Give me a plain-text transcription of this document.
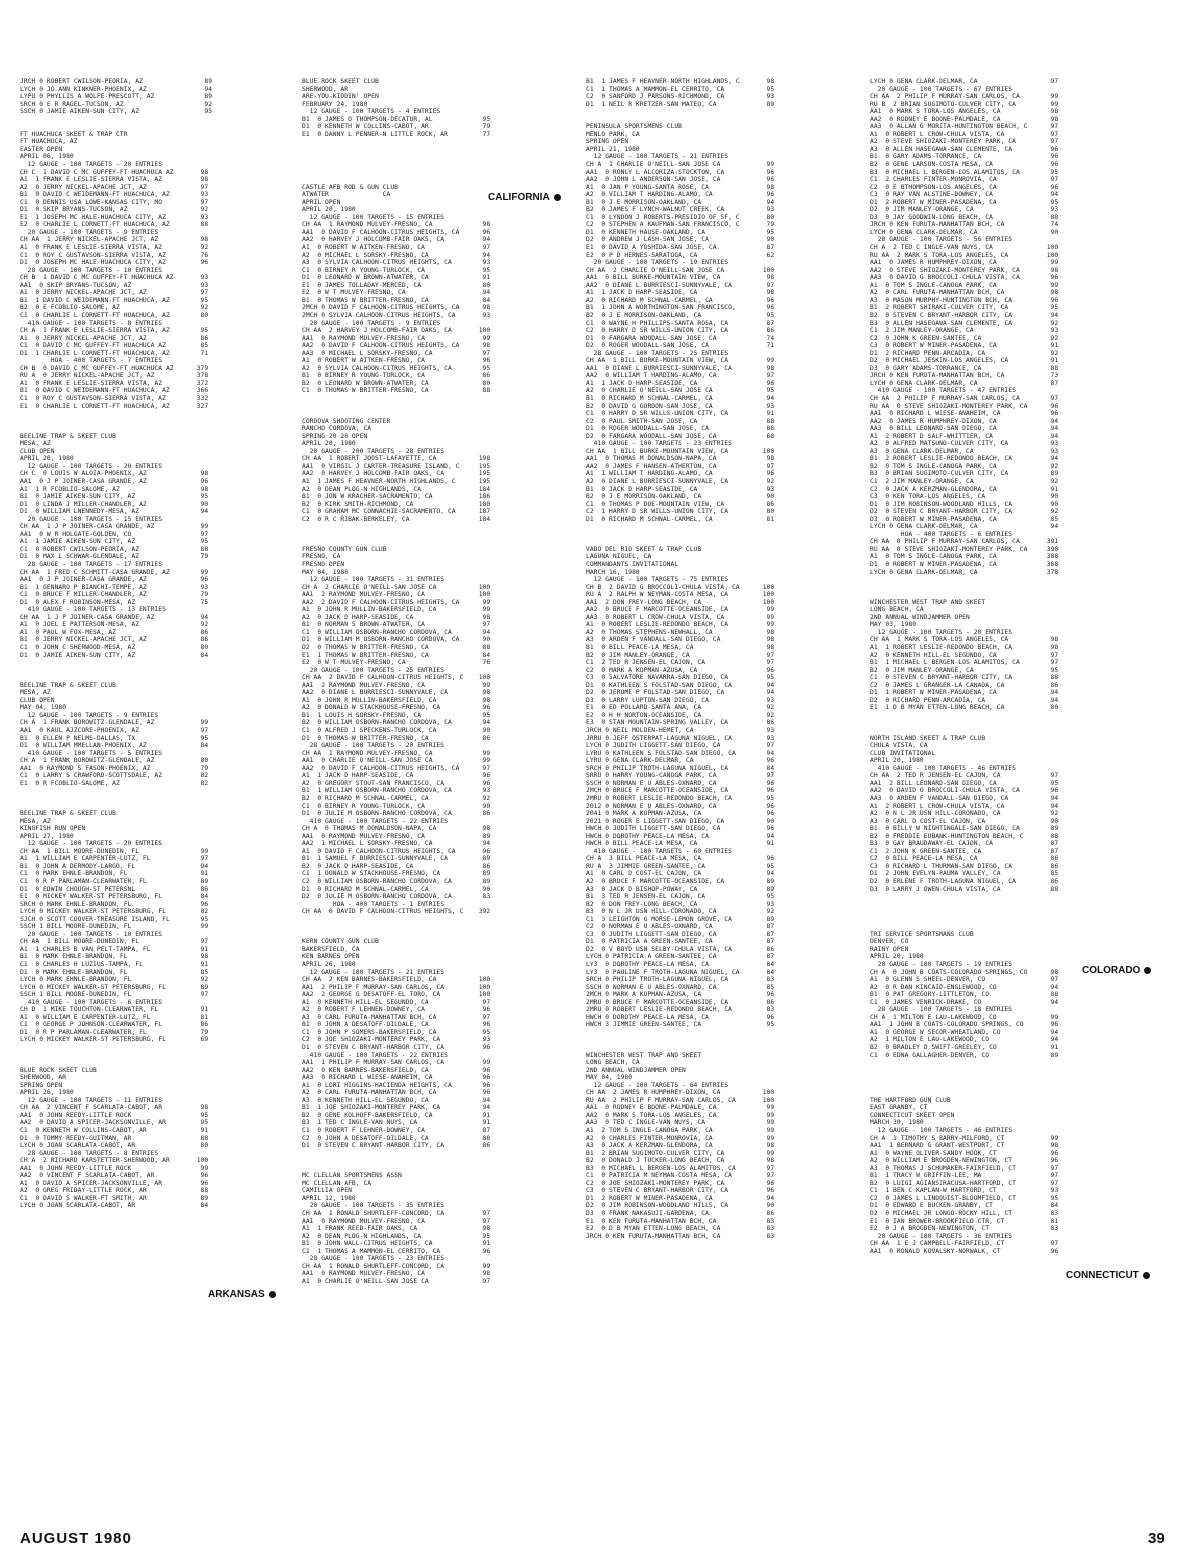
JRCH 0 ROBERT CWILSON-PEORIA, AZ                89
LYCH 0 JO ANN KINKNER-PHOENIX, AZ               94
LYPU 0 PHYLLIS A WOLFE-PRESCOTT, AZ             89
SRCH 0 E R RAGEL-TUCSON, AZ                     92
SSCH 0 JAMIE AIKEN-SUN CITY, AZ                 95

FT HUACHUCA SKEET & TRAP CTR
FT HUACHUCA, AZ
EASTER OPEN
APRIL 06, 1980
12 GAUGE - 100 TARGETS - 20 ENTRIES
CH C  1 DAVID C MC GUFFEY-FT HUACHUCA AZ       98
A1  1 FRANK E LESLIE-SIERRA VISTA, AZ          98
A2  0 JERRY NICKEL-APACHE JCT, AZ              97
B1  0 DAVID C WEIDEMANN-FT HUACHUCA, AZ        93
C1  0 DENNIS USA LOWE-KANSAS CITY, MO          97
D1  0 SKIP BRYANS-TUCSON, AZ                   92
E1  1 JOSEPH MC HALE-HUACHUCA CITY, AZ         93
E2  0 CHARLIE L CORNETT-FT HUACHUCA, AZ        88
20 GAUGE - 100 TARGETS - 9 ENTRIES
CH AA  1 JERRY NICKEL-APACHE JCT, AZ           98
A1  0 FRANK E LESLIE-SIERRA VISTA, AZ          92
C1  0 ROY C GUSTAVSON-SIERRA VISTA, AZ         76
D1  0 JOSEPH MC HALE-HUACHUCA CITY, AZ         96
28 GAUGE - 100 TARGETS - 10 ENTRIES
CH B  1 DAVID C MC GUFFEY-FT HUACHUCA AZ       93
AA1  0 SKIP BRYANS-TUCSON, AZ                  93
A1  0 JERRY NICKEL-APACHE JCT, AZ              97
B1  1 DAVID C WEIDEMANN-FT HUACHUCA, AZ        95
B2  0 E FCOBLIO-SALOME, AZ                     92
C1  0 CHARLIE L CORNETT-FT HUACHUCA, AZ        80
410 GAUGE - 100 TARGETS - 8 ENTRIES
CH A  1 FRANK E LESLIE-SIERRA VISTA, AZ        95
A1  0 JERRY NICKEL-APACHE JCT, AZ              86
C1  0 DAVID C MC GUFFEY-FT HUACHUCA AZ         85
D1  1 CHARLIE L CORNETT-FT HUACHUCA, AZ        71
HOA - 400 TARGETS - 7 ENTRIES
CH B  0 DAVID C MC GUFFEY-FT HUACHUCA AZ      379
RU A  0 JERRY NICKEL-APACHE JCT, AZ           378
A1  0 FRANK E LESLIE-SIERRA VISTA, AZ         372
B1  0 DAVID C WEIDEMANN-FT HUACHUCA, AZ       366
C1  0 ROY C GUSTAVSON-SIERRA VISTA, AZ        332
E1  0 CHARLIE L CORNETT-FT HUACHUCA, AZ       327

BEELINE TRAP & SKEET CLUB
MESA, AZ
CLUB OPEN
APRIL 20, 1980
12 GAUGE - 100 TARGETS - 20 ENTRIES
CH C  0 LOUIS W ALOIA-PHOENIX, AZ              98
AA1  0 J P JOINER-CASA GRANDE, AZ              96
A1  1 R FCOBLIO-SALOME, AZ                     98
B1  0 JAMIE AIKEN-SUN CITY, AZ                 95
D1  0 LINDA J MILLER-CHANDLER, AZ              90
D1  0 WILLIAM LNENNEDY-MESA, AZ                94
20 GAUGE - 100 TARGETS - 15 ENTRIES
CH AA  1 J P JOINER-CASA GRANDE, AZ            99
AA1  0 W R HOLGATE-GOLDEN, CO                  97
A1  1 JAMIE AIKEN-SUN CITY, AZ                 95
C1  0 ROBERT CWILSON-PEORIA, AZ                88
D1  0 MAX L SCHWAR-GLENDALE, AZ                79
28 GAUGE - 100 TARGETS - 17 ENTRIES
CH AA  1 FRED C SCHMITT-CASA GRANDE, AZ        99
AA1  0 J P JOINER-CASA GRANDE, AZ              96
B1  1 GENNARO P BIANCHI-TEMPE, AZ              93
C1  0 BRUCE F MILLER-CHANDLER, AZ              79
D1  0 ALEX F ROBINSON-MESA, AZ                 75
410 GAUGE - 100 TARGETS - 13 ENTRIES
CH AA  1 J P JOINER-CASA GRANDE, AZ            94
A1  0 JOEL E PATTERSON-MESA, AZ                92
A1  0 PAUL W FOX-MESA, AZ                      86
B1  0 JERRY NICKEL-APACHE JCT, AZ              86
C1  0 JOHN C SHERWOOD-MESA, AZ                 80
D1  0 JAMIE AIKEN-SUN CITY, AZ                 84

BEELINE TRAP & SKEET CLUB
MESA, AZ
CLUB OPEN
MAY 04, 1980
12 GAUGE - 100 TARGETS - 9 ENTRIES
CH A  1 FRANK BOROWITZ-GLENDALE, AZ            99
AA1  0 KAUL AJZCORE-PHOENIX, AZ                97
B1  0 ELLEN P NELMS-DALLAS, TX                 95
D1  0 WILLIAM MMELLAN-PHOENIX, AZ              84
410 GAUGE - 100 TARGETS - 5 ENTRIES
CH A  1 FRANK BOROWITZ-GLENDALE, AZ            80
AA1  0 RAYMOND S FASON-PHOENIX, AZ             79
C1  0 LARRY S CRAWFORD-SCOTTSDALE, AZ          82
E1  0 R FCOBLIO-SALOME, AZ                     82

BEELINE TRAP & SKEET CLUB
MESA, AZ
KINGFISH RUN OPEN
APRIL 27, 1980
12 GAUGE - 100 TARGETS - 20 ENTRIES
CH AA  1 BILL MOORE-DUNEDIN, FL                99
A1  1 WILLIAM E CARPENTER-LUTZ, FL             97
B1  0 JOHN A DERMODY-LARGO, FL                 94
C1  0 MARK EHNLE-BRANDON, FL                   91
C1  0 R P PARLAMAN-CLEARWATER, FL              89
D1  0 EDWIN CHOUGH-ST PETERSNL                 86
E1  0 MICKEY WALKER-ST PETERSBURG, FL          84
SRCH 0 MARK EHNLE-BRANDON, FL                  96
LYCH 0 MICKEY WALKER-ST PETERSBURG, FL         82
SJCH 0 SCOTT COOVER-TREASURE ISLAND, FL        95
SSCH 1 BILL MOORE-DUNEDIN, FL                  99
20 GAUGE - 100 TARGETS - 10 ENTRIES
CH AA  1 BILL MOORE-DUNEDIN, FL                97
A1  1 CHARLES B VAN PELT-TAMPA, FL             91
B1  0 MARK EHNLE-BRANDON, FL                   98
C1  0 CHARLES H LUZIUS-TAMPA, FL               91
D1  0 MARK EHNLE-BRANDON, FL                   85
LYCH 0 MARK EHNLE-BRANDON, FL                  92
LYCH 0 MICKEY WALKER-ST PETERSBURG, FL         89
SSCH 1 BILL MOORE-DUNEDIN, FL                  97
410 GAUGE - 100 TARGETS - 6 ENTRIES
CH D  1 MIKE TOUCHTON-CLEARWATER, FL           91
A1  0 WILLIAM E CARPENTER-LUTZ, FL             81
C1  0 GEORGE P JOHNSON-CLEARWATER, FL          86
D1  0 R P PARLAMAN-CLEARWATER, FL              79
LYCH 0 MICKEY WALKER-ST PETERSBURG, FL         69

BLUE ROCK SKEET CLUB
SHERWOOD, AR
SPRING OPEN
APRIL 26, 1980
12 GAUGE - 100 TARGETS - 11 ENTRIES
CH AA  2 VINCENT F SCARLATA-CABOT, AR          98
AA1  0 JOHN REEDY-LITTLE ROCK                  95
AA2  0 DAVID A SPICER-JACKSONVILLE, AR         95
C1  0 KENNETH W COLLINS-CABOT, AR              91
D1  0 TOMMY REEDY-GUITMAN, AR                  88
LYCH 0 JOAN SCARLATA-CABOT, AR                 80
28 GAUGE - 100 TARGETS - 8 ENTRIES
CH A  2 RICHARD KARSTETTER-SHERWOOD, AR       100
AA1  0 JOHN REEDY-LITTLE ROCK                  99
AA2  0 VINCENT F SCARLATA-CABOT, AR            96
A1  0 DAVID A SPICER-JACKSONVILLE, AR          96
A2  0 GREG FRIDAY-LITTLE ROCK, AR              88
C1  0 DAVID S WALKER-FT SMITH, AR              89
LYCH 0 JOAN SCARLATA-CABOT, AR                 84
BLUE ROCK SKEET CLUB
SHERWOOD, AR
ARE-YOU-KIDDIN' OPEN
FEBRUARY 24, 1980
12 GAUGE - 100 TARGETS - 4 ENTRIES
B1  0 JAMES O THOMPSON-DECATUR, AL             95
D1  0 KENNETH W COLLINS-CABOT, AR              79
E1  0 DANNY L PENNER-N LITTLE ROCK, AR         77

CASTLE AFB ROD & GUN CLUB
ATWATER              CA
APRIL OPEN
APRIL 20, 1980
12 GAUGE - 100 TARGETS - 15 ENTRIES
CH AA  1 RAYMOND MULVEY-FRESNO, CA             98
AA1  0 DAVID F CALHOON-CITRUS HEIGHTS, CA      96
AA2  0 HARVEY J HOLCOMB-FAIR OAKS, CA          94
A1  0 ROBERT W AITKEN-FRESNO, CA               97
A2  0 MICHAEL L SORSKY-FRESNO, CA              94
A3  0 SYLVIA CALHOON-CITRUS HEIGHTS, CA        93
C1  0 BIRNEY R YOUNG-TURLOCK, CA               95
D1  0 LEONARD W BROWN-ATWATER, CA              91
E1  0 JAMES TOLLADAY-MERCED, CA                80
E2  0 W T MULVEY-FRESNO, CA                    94
B1  0 THOMAS W BRITTER-FRESNO, CA              84
2MCH 0 DAVID F CALHOON-CITRUS HEIGHTS, CA      98
2MCH 0 SYLVIA CALHOON-CITRUS HEIGHTS, CA       93
20 GAUGE - 100 TARGETS - 9 ENTRIES
CH AA  2 HARVEY J HOLCOMB-FAIR OAKS, CA       100
AA1  0 RAYMOND MULVEY-FRESNO, CA               99
AA2  0 DAVID F CALHOON-CITRUS HEIGHTS, CA      98
AA3  0 MICHAEL L SORSKY-FRESNO, CA             97
A1  0 ROBERT W AITKEN-FRESNO, CA               96
A2  0 SYLVIA CALHOON-CITRUS HEIGHTS, CA        95
B1  0 BIRNEY R YOUNG-TURLOCK, CA               86
B2  0 LEONARD W BROWN-ATWATER, CA              80
C1  0 THOMAS W BRITTER-FRESNO, CA              88

CORDOVA SHOOTING CENTER
RANCHO CORDOVA, CA
SPRING 20 20 OPEN
APRIL 20, 1980
20 GAUGE - 200 TARGETS - 28 ENTRIES
CH AA  1 ROBERT JOOST-LAFAYETTE, CA           198
AA1  0 VIRGIL J CARTER-TREASURE ISLAND, C     195
AA2  0 HARVEY J HOLCOMB-FAIR OAKS, CA         195
A1  1 JAMES F HEAVNER-NORTH HIGHLANDS, C      195
A2  0 DEAN PLOG-N HIGHLANDS, CA               184
B1  0 JON W KRACHER-SACRAMENTO, CA            186
B2  0 KIRK SMITH-RICHMOND, CA                 180
C1  0 GRAHAM MC CONNACHIE-SACRAMENTO, CA      187
C2  0 R C RIBAK-BERKELEY, CA                  184

FRESNO COUNTY GUN CLUB
FRESNO, CA
FRESNO OPEN
MAY 04, 1980
12 GAUGE - 100 TARGETS - 31 ENTRIES
CH A  2 CHARLIE O'NEILL-SAN JOSE CA           100
AA1  2 RAYMOND MULVEY-FRESNO, CA              100
AA2  2 DAVID F CALHOON-CITRUS HEIGHTS, CA      99
A1  0 JOHN R MULLIN-BAKERSFIELD, CA            99
A2  0 JACK D HARP-SEASIDE, CA                  98
B1  0 NORMAN S BROWN-ATWATER, CA               97
C1  0 WILLIAM OSBORN-RANCHO CORDOVA, CA        94
D1  0 WILLIAM M OSBORN-RANCHO CORDOVA, CA      90
D2  0 THOMAS W BRITTER-FRESNO, CA              88
E1  1 THOMAS W BRITTER-FRESNO, CA              84
E2  0 W T MULVEY-FRESNO, CA                    76
20 GAUGE - 100 TARGETS - 25 ENTRIES
CH AA  2 DAVID F CALHOON-CITRUS HEIGHTS, C    100
AA1  2 RAYMOND MULVEY-FRESNO, CA               99
AA2  0 DIANE L BURRIESCI-SUNNYVALE, CA         98
A1  0 JOHN R MULLIN-BAKERSFIELD, CA            98
A2  0 DONALD W STACKHOUSE-FRESNO, CA           96
B1  1 LOUIS H SORSKY-FRESNO, CA                95
B2  0 WILLIAM OSBORN-RANCHO CORDOVA, CA        94
C1  0 ALFRED J SPECKENS-TURLOCK, CA            90
D1  0 THOMAS W BRITTER-FRESNO, CA              86
28 GAUGE - 100 TARGETS - 20 ENTRIES
CH AA  1 RAYMOND MULVEY-FRESNO, CA             99
AA1  0 CHARLIE O'NEILL-SAN JOSE CA             99
AA2  0 DAVID F CALHOON-CITRUS HEIGHTS, CA      97
A1  1 JACK D HARP-SEASIDE, CA                  96
A2  0 GREGORY STOUT-SAN FRANCISCO, CA          96
B1  1 WILLIAM OSBORN-RANCHO CORDOVA, CA        93
B2  0 RICHARD M SCHNAL-CARMEL, CA              92
C1  0 BIRNEY R YOUNG-TURLOCK, CA               90
D1  0 JULIE M OSBORN-RANCHO CORDOVA, CA        86
410 GAUGE - 100 TARGETS - 22 ENTRIES
CH A  0 THOMAS M DONALDSON-NAPA, CA            98
AA1  0 RAYMOND MULVEY-FRESNO, CA               89
AA2  1 MICHAEL L SORSKY-FRESNO, CA             94
A1  0 DAVID F CALHOON-CITRUS HEIGHTS, CA       96
B1  1 SAMUEL F BURRIESCI-SUNNYVALE, CA         89
B2  0 JACK D HARP-SEASIDE, CA                  86
C1  1 DONALD W STACKHOUSE-FRESNO, CA           89
C2  0 WILLIAM OSBORN-RANCHO CORDOVA, CA        89
D1  0 RICHARD M SCHNAL-CARMEL, CA              90
D2  0 JULIE M OSBORN-RANCHO CORDOVA, CA        83
HOA - 400 TARGETS - 1 ENTRIES
CH AA  0 DAVID F CALHOON-CITRUS HEIGHTS, C    392

KERN COUNTY GUN CLUB
BAKERSFIELD, CA
KEN BARNES OPEN
APRIL 26, 1980
12 GAUGE - 100 TARGETS - 21 ENTRIES
CH AA  2 KEN BARNES-BAKERSFIELD, CA           100
AA1  2 PHILIP F MURRAY-SAN CARLOS, CA         100
AA2  2 GEORGE G DESATOFF-EL TORO, CA          100
A1  0 KENNETH HILL-EL SEGUNDO, CA              97
A2  0 ROBERT F LEHNEN-DOWNEY, CA               96
A3  0 CARL FURUTA-MANHATTAN BCH, CA            97
B1  0 JOHN A DESATOFF-OILDALE, CA              96
C1  0 JOHN P SOMERS-BAKERSFIELD, CA            95
C2  0 JOE SHIOZAKI-MONTEREY PARK, CA           93
D1  0 STEVEN C BRYANT-HARBOR CITY, CA          96
410 GAUGE - 100 TARGETS - 22 ENTRIES
AA1  1 PHILIP F MURRAY-SAN CARLOS, CA          99
AA2  0 KEN BARNES-BAKERSFIELD, CA              96
AA3  0 RICHARD L WIESE-ANAHEIM, CA             96
A1  0 LORI HIGGINS-HACIENDA HEIGHTS, CA        96
A2  0 CARL FURUTA-MANHATTAN BCH, CA            96
A3  0 KENNETH HILL-EL SEGUNDO, CA              94
B1  1 JOE SHIOZAKI-MONTEREY PARK, CA           94
B2  0 GENE KOLHOFF-BAKERSFIELD, CA             91
B3  1 TED C INGLE-VAN NUYS, CA                 91
C1  0 ROBERT F LEHNER-DOWNEY, CA               87
C2  0 JOHN A DESATOFF-OILDALE, CA              88
D1  0 STEVEN C BRYANT-HARBOR CITY, CA          86

MC CLELLAN SPORTSMENS ASSN
MC CLELLAN AFB, CA
CAMILLIA OPEN
APRIL 12, 1980
20 GAUGE - 100 TARGETS - 35 ENTRIES
CH AA  1 RONALD SHURTLEFF-CONCORD, CA          97
AA1  0 RAYMOND MULVEY-FRESNO, CA               97
A1  1 FRANK REED-FAIR OAKS, CA                 98
A2  0 DEAN PLOG-N HIGHLANDS, CA                95
B1  0 JOHN WALL-CITRUS HEIGHTS, CA             91
C1  1 THOMAS A MAMMON-EL CERRITO, CA           96
28 GAUGE - 100 TARGETS - 23 ENTRIES
CH AA  1 RONALD SHURTLEFF-CONCORD, CA          99
AA1  0 RAYMOND MULVEY-FRESNO, CA               98
A1  0 CHARLIE O'NEILL-SAN JOSE CA              97
B1  1 JAMES F HEAVNER-NORTH HIGHLANDS, C       98
C1  1 THOMAS A MAMMON-EL CERRITO, CA           95
C2  0 SANFORD J PARSONS-RICHMOND, CA           93
D1  1 NEIL R KRETZER-SAN MATEO, CA             89

PENINSULA SPORTSMENS CLUB
MENLO PARK, CA
SPRING OPEN
APRIL 21, 1980
12 GAUGE - 100 TARGETS - 21 ENTRIES
CH A  1 CHARLIE O'NEILL-SAN JOSE CA            99
AA1  0 RONLY L ALCORIZA-STOCKTON, CA           96
AA2  0 JOHN L ANDERSON-SAN JOSE, CA            96
A1  0 JAN P YOUNG-SANTA ROSE, CA               98
A2  0 VILLIAM T HARDING-ALAMO, CA              96
B1  0 J E MORRISON-OAKLAND, CA                 94
B2  0 JAMES F LYNCH-WALNUT CREEK, CA           93
C1  0 LYNDON J ROBERTS-PRESIDIO OF SF, C       80
C2  0 STEPHEN A KAUFMAN-SAN FRANCISCO, C       79
D1  0 KENNETH HAUSE-OAKLAND, CA                95
D2  0 ANDREW J LASH-SAN JOSE, CA               90
E1  0 DAVID A YOSHIDA-SAN JOSE, CA             87
E2  0 P D HERNES-SARATOGA, CA                  62
20 GAUGE - 100 TARGETS - 19 ENTRIES
CH AA  2 CHARLIE O'NEILL-SAN JOSE CA          100
AA1  0 BILL BURKE-MOUNTAIN VIEW, CA            98
AA2  0 DIANE L BURRIESCI-SUNNYVALE, CA         97
A1  1 JACK D HARP-SEASIDE, CA                  98
A2  0 RICHARD M SCHNAL-CARMEL, CA              96
B1  1 JOHN A WORTHINGTON-SAN FRANCISCO,        96
B2  0 J E MORRISON-OAKLAND, CA                 95
C1  0 WAYNE H PHILLIPS-SANTA ROSA, CA          87
C2  0 HARRY D SR WILLS-UNION CITY, CA          86
D1  0 FARGARA WOODALL-SAN JOSE, CA             74
D2  0 ROGER WOODALL-SAN JOSE, CA               71
28 GAUGE - 100 TARGETS - 25 ENTRIES
CH AA  1 BILL BURKE-MOUNTAIN VIEW, CA          99
AA1  0 DIANE L BURRIESCI-SUNNYVALE, CA         98
AA2  0 WILLIAM T HARDING-ALAMO, CA             97
A1  1 JACK D HARP-SEASIDE, CA                  96
A2  0 CHARLIE O'NEILL-SAN JOSE CA              95
B1  0 RICHARD M SCHNAL-CARMEL, CA              94
B2  0 DAVID G GORDON-SAN JOSE, CA              93
C1  0 HARRY D SR WILLS-UNION CITY, CA          91
C2  0 PAUL SMITH-SAN JOSE, CA                  88
D1  0 ROGER WOODALL-SAN JOSE, CA               86
D2  0 FARGARA WOODALL-SAN JOSE, CA             68
410 GAUGE - 100 TARGETS - 23 ENTRIES
CH AA  1 BILL BURKE-MOUNTAIN VIEW, CA         100
AA1  0 THOMAS M DONALDSON-NAPA, CA             98
AA2  0 JAMES F HANSEN-ATHERTON, CA             97
A1  1 WILLIAM T HARDING-ALAMO, CA              96
A2  0 DIANE L BURRIESCI-SUNNYVALE, CA          92
B1  0 JACK D HARP-SEASIDE, CA                  93
B2  0 J E MORRISON-OAKLAND, CA                 90
C1  0 THOMAS P DOE-MOUNTAIN VIEW, CA           86
C2  1 HARRY D SR WILLS-UNION CITY, CA          80
D1  0 RICHARD M SCHNAL-CARMEL, CA              81

VADO DEL RIO SKEET & TRAP CLUB
LAGUNA NIGUEL, CA
COMMANDANTS INVITATIONAL
MARCH 16, 1980
12 GAUGE - 100 TARGETS - 75 ENTRIES
CH B  2 DAVID G BROCCOLI-CHULA VISTA, CA      100
RU A  2 RALPH W NEYMAN-COSTA MESA, CA         100
AA1  2 DON FREY-LONG BEACH, CA                100
AA2  0 BRUCE F MARCOTTE-OCEANSIDE, CA          99
AA3  0 ROBERT L CROW-CHULA VISTA, CA           99
A1  0 ROBERT LESLIE-REDONDO BEACH, CA          99
A2  0 THOMAS STEPHENS-NEWHALL, CA              98
A3  0 ARDEN F VANDALL-SAN DIEGO, CA            98
B1  0 BILL PEACE-LA MESA, CA                   98
B2  0 JIM MANLEY-ORANGE, CA                    97
C1  2 TED R JENSEN-EL CAJON, CA                97
C2  0 MARK A KOPMAN-AZUSA, CA                  96
C3  0 SALVATORE NAVARRA-SAN DIEGO, CA          95
D1  0 KATHLEEN S FOLSTAD-SAN DIEGO, CA         94
D2  0 JEROME P FOLSTAD-SAN DIEGO, CA           94
D3  0 LARRY LUPTON-SAN DIEGO, CA               93
E1  0 ED POLLARD-SANTA ANA, CA                 92
E2  0 H H NORTON-OCEANSIDE, CA                 92
E3  0 STAN MOUNTAIN-SPRING VALLEY, CA          86
JRCH 0 NEIL MOLDEN-HEMET, CA                   93
JRRU 0 JEFF OSTERPAT-LAGUNA NIGUEL, CA         93
LYCH 0 JUDITH LIGGETT-SAN DIEGO, CA            97
LYRU 0 KATHLEEN S FOLSTAD-SAN DIEGO, CA        94
LYRU 0 GENA CLARK-DELMAR, CA                   96
SRCH 0 PHILIP TROTH-LAGUNA NIGUEL, CA          84
SRRU 0 HARRY YOUNG-CANOGA PARK, CA             97
SSCH 0 NORMAN E U ABLES-OXNARD, CA             96
2MCH 0 BRUCE F MARCOTTE-OCEANSIDE, CA          96
2MRU 0 ROBERT LESLIE-REDONDO BEACH, CA         95
2012 0 NORMAN E U ABLES-OXNARD, CA             96
2041 0 MARK A KOPMAN-AZUSA, CA                 96
2021 0 ROGER E LIGGETT-SAN DIEGO, CA           90
HWCH 0 JUDITH LIGGETT-SAN DIEGO, CA            96
HWCH 0 DOROTHY PEACE-LA MESA, CA               94
HWCH 0 BILL PEACE-LA MESA, CA                  91
410 GAUGE - 100 TARGETS - 60 ENTRIES
CH A  3 BILL PEACE-LA MESA, CA                 96
RU A  3 JIMMIE GREEN-SANTEE, CA                95
A1  0 CARL D COST-EL CAJON, CA                 94
A2  0 BRUCE F MARCOTTE-OCEANSIDE, CA           89
A3  0 JACK D BISHOP-POWAY, CA                  89
B1  3 TED R JENSEN-EL CAJON, CA                95
B2  0 DON FREY-LONG BEACH, CA                  93
B3  0 N L JR USN HILL-CORONADO, CA             92
C1  3 LEIGHTON G MORSE-LEMON GROVE, CA         89
C2  0 NORMAN E U ABLES-OXNARD, CA              87
C3  0 JUDITH LIGGETT-SAN DIEGO, CA             87
D1  0 PATRICIA A GREEN-SANTEE, CA              87
D2  0 V BOYD USN SELBY-CHULA VISTA, CA         86
LYCH 0 PATRICIA A GREEN-SANTEE, CA             87
LY3  0 DOROTHY PEACE-LA MESA, CA               84
LY3  0 PAULINE F TROTH-LAGUNA NIGUEL, CA       84
SRCH 0 PHILIP TROTH-LAGUNA NIGUEL, CA          83
SSCH 0 NORMAN E U ABLES-OXNARD, CA             85
2MCH 0 MARK A KOPMAN-AZUSA, CA                 96
2MRU 0 BRUCE F MARCOTTE-OCEANSIDE, CA          86
2MRU 0 ROBERT LESLIE-REDONDO BEACH, CA         83
HWCH 0 DOROTHY PEACE-LA MESA, CA               96
HWCH 3 JIMMIE GREEN-SANTEE, CA                 95

WINCHESTER WEST TRAP AND SKEET
LONG BEACH, CA
2ND ANNUAL WINDJAMMER OPEN
MAY 04, 1980
12 GAUGE - 100 TARGETS - 64 ENTRIES
CH AA  2 JAMES R HUMPHREY-DIXON, CA           100
RU AA  2 PHILIP F MURRAY-SAN CARLOS, CA       100
AA1  0 RODNEY E BOONE-PALMDALE, CA             99
AA2  0 MARK S TORA-LOS ANGELES, CA             99
AA3  0 TED C INGLE-VAN NUYS, CA                99
A1  2 TOM S INGLE-CANOGA PARK, CA              99
A2  0 CHARLES FINTER-MONROVIA, CA              99
A3  0 JACK A KERZMAN-GLENDORA, CA              98
B1  2 BRIAN SUGIMOTO-CULVER CITY, CA           99
B2  0 DONALD J TUCKER-LONG BEACH, CA           98
B3  0 MICHAEL L BERGEN-LOS ALAMITOS, CA        97
C1  0 PATRICIA M NEYMAN-COSTA MESA, CA         97
C2  0 JOE SHIOZAKI-MONTEREY PARK, CA           96
C3  0 STEVEN C BRYANT-HARBOR CITY, CA          96
D1  2 ROBERT W MINER-PASADENA, CA              94
D2  0 JIM ROBINSON-WOODLAND HILLS, CA          90
D3  0 FRANK NAKASUJI-GARDENA, CA               86
E1  0 KEN FURUTA-MANHATTAN BCH, CA             83
E2  0 D B MYAN ETTEN-LONG BEACH, CA            83
JRCH 0 KEN FURUTA-MANHATTAN BCH, CA            83
LYCH 0 GENA CLARK-DELMAR, CA                   97
20 GAUGE - 100 TARGETS - 67 ENTRIES
CH AA  2 PHILIP F MURRAY-SAN CARLOS, CA        99
RU B  2 BRIAN SUGIMOTO-CULVER CITY, CA         99
AA1  0 MARK S TORA-LOS ANGELES, CA             98
AA2  0 RODNEY E BOONE-PALMDALE, CA             98
AA3  0 ALLAN G MORITA-HUNTINGTON BEACH, C      97
A1  0 ROBERT L CROW-CHULA VISTA, CA            97
A2  0 STEVE SHIOZAKI-MONTEREY PARK, CA         97
A3  0 ALLEN HASEGAWA-SAN CLEMENTE, CA          96
B1  0 GARY ADAMS-TORRANCE, CA                  96
B2  0 GENE LARSON-COSTA MESA, CA               96
B3  0 MICHAEL L BERGEN-LOS ALAMITOS, CA        95
C1  2 CHARLES FINTER-MONROVIA, CA              97
C2  0 E BTHOMPSON-LOS ANGELES, CA              96
C3  0 RAY VAN ALSTINE-DOWNEY, CA               94
D1  2 ROBERT W MINER-PASADENA, CA              95
D2  0 JIM MANLEY-ORANGE, CA                    93
D3  0 JAY GOODWIN-LONG BEACH, CA               88
JRCH 0 KEN FURUTA-MANHATTAN BCH, CA            74
LYCH 0 GENA CLARK-DELMAR, CA                   90
28 GAUGE - 100 TARGETS - 56 ENTRIES
CH A  2 TED C INGLE-VAN NUYS, CA              100
RU AA  2 MARK S TORA-LOS ANGELES, CA          100
AA1  0 JAMES R HUMPHREY-DIXON, CA              99
AA2  0 STEVE SHIOZAKI-MONTEREY PARK, CA        98
AA3  0 DAVID G BROCCOLI-CHULA VISTA, CA        96
A1  0 TOM S INGLE-CANOGA PARK, CA              99
A2  0 CARL FURUTA-MANHATTAN BCH, CA            98
A3  0 MASON MURPHY-HUNTINGTON BCH, CA          96
B1  2 ROBERT SHIRAKI-CULVER CITY, CA           95
B2  0 STEVEN C BRYANT-HARBOR CITY, CA          94
B3  0 ALLEN HASEGAWA-SAN CLEMENTE, CA          92
C1  2 JIM MANLEY-ORANGE, CA                    93
C2  0 JOHN K GREEN-SANTEE, CA                  92
C3  0 ROBERT W MINER-PASADENA, CA              91
D1  2 RICHARD PENN-ARCADIA, CA                 92
D2  0 MICHAEL JESKIN-LOS ANGELES, CA           91
D3  0 GARY ADAMS-TORRANCE, CA                  88
JRCH 0 KEN FURUTA-MANHATTAN BCH, CA            73
LYCH 0 GENA CLARK-DELMAR, CA                   87
410 GAUGE - 100 TARGETS - 47 ENTRIES
CH AA  2 PHILIP F MURRAY-SAN CARLOS, CA        97
RU AA  0 STEVE SHIOZAKI-MONTEREY PARK, CA      96
AA1  0 RICHARD L WIESE-ANAHEIM, CA             96
AA2  0 JAMES R HUMPHREY-DIXON, CA              94
AA3  0 BILL LEONARD-SAN DIEGO, CA              94
A1  2 ROBERT D SALF-WHITTIER, CA               94
A2  0 ALFRED MATSUNO-CULVER CITY, CA           93
A3  0 GENA CLARK-DELMAR, CA                    93
B1  2 ROBERT LESLIE-REDONDO BEACH, CA          94
B2  0 TOM S INGLE-CANOGA PARK, CA              92
B3  0 BRIAN SUGIMOTO-CULVER CITY, CA           89
C1  2 JIM MANLEY-ORANGE, CA                    92
C2  0 JACK A KERZMAN-GLENDORA, CA              91
C3  0 KEN TORA-LOS ANGELES, CA                 90
D1  0 JIM ROBINSON-WOODLAND HILLS, CA          90
D2  0 STEVEN C BRYANT-HARBOR CITY, CA          92
D3  0 ROBERT W MINER-PASADENA, CA              85
LYCH 0 GENA CLARK-DELMAR, CA                   94
HOA - 400 TARGETS - 6 ENTRIES
CH AA  0 PHILIP F MURRAY-SAN CARLOS, CA       391
RU AA  0 STEVE SHIOZAKI-MONTEREY PARK, CA     390
A1  0 TOM S INGLE-CANOGA PARK, CA             388
D1  0 ROBERT W MINER-PASADENA, CA             368
LYCH 0 GENA CLARK-DELMAR, CA                  378

WINCHESTER WEST TRAP AND SKEET
LONG BEACH, CA
2ND ANNUAL WINDJAMMER OPEN
MAY 03, 1980
12 GAUGE - 100 TARGETS - 20 ENTRIES
CH AA  1 MARK S TORA-LOS ANGELES, CA           98
A1  1 ROBERT LESLIE-REDONDO BEACH, CA          98
A2  0 KENNETH HILL-EL SEGUNDO, CA              97
B1  1 MICHAEL L BERGEN-LOS ALAMITOS, CA        97
B2  0 JIM MANLEY-ORANGE, CA                    95
C1  0 STEVEN C BRYANT-HARBOR CITY, CA          88
C2  0 JAMES L GRANGER-LA CANADA, CA            86
D1  1 ROBERT W MINER-PASADENA, CA              94
D2  0 RICHARD PENN-ARCADIA, CA                 94
E1  1 D B MYAN ETTEN-LONG BEACH, CA            80

NORTH ISLAND SKEET & TRAP CLUB
CHULA VISTA, CA
CLUB INVITATIONAL
APRIL 20, 1980
410 GAUGE - 100 TARGETS - 46 ENTRIES
CH AA  2 TED R JENSEN-EL CAJON, CA             97
AA1  2 BILL LEONARD-SAN DIEGO, CA              95
AA2  0 DAVID G BROCCOLI-CHULA VISTA, CA        96
AA3  0 ARDEN F VANDALL-SAN DIEGO, CA           94
A1  2 ROBERT L CROW-CHULA VISTA, CA            94
A2  0 N L JR USN HILL-CORONADO, CA             92
A3  0 CARL D COST-EL CAJON, CA                 90
B1  0 BILLY W NIGHTINGALE-SAN DIEGO, CA        89
B2  0 FREDDIE EUBANK-HUNTINGTON BEACH, C       88
B3  0 GAY BRAUDAWAY-EL CAJON, CA               87
C1  2 JOHN K GREEN-SANTEE, CA                  87
C2  0 BILL PEACE-LA MESA, CA                   86
C3  0 RICHARD L THURMAN-SAN DIEGO, CA          86
D1  2 JOHN EVELYN-PAUMA VALLEY, CA             85
D2  0 ERLENE F TROTH-LAGUNA NIGUEL, CA         86
D3  0 LARRY J OWEN-CHULA VISTA, CA             88

TRI SERVICE SPORTSMANS CLUB
DENVER, CO
RAINY OPEN
APRIL 20, 1980
20 GAUGE - 100 TARGETS - 19 ENTRIES
CH A  0 JOHN B COATS-COLORADO SPRINGS, CO      98
A1  0 GLENN S SHEEL-DENVER, CO                 97
A2  0 R DAN KINCAID-ENGLEWOOD, CO              94
B1  0 PAT GREGORY-LITTLETON, CO                88
C1  0 JAMES VENRICK-DRAKE, CO                  94
28 GAUGE - 100 TARGETS - 18 ENTRIES
CH A  1 MILTON E LAU-LAKEWOOD, CO              99
AA1  1 JOHN B COATS-COLORADO SPRINGS, CO       96
A1  0 GEORGE W SECOR-WHEATLAND, CO             94
A2  1 MILTON E LAU-LAKEWOOD, CO                94
B2  0 BRADLEY D SWIFT-GREELEY, CO              91
C1  0 EDNA GALLAGHER-DENVER, CO                89

THE HARTFORD GUN CLUB
EAST GRANBY, CT
CONNECTICUT SKEET OPEN
MARCH 30, 1980
12 GAUGE - 100 TARGETS - 46 ENTRIES
CH A  1 TIMOTHY S BARRY-MILFORD, CT            99
AA1  1 BERNARD G GRANT-WESTPORT, CT            98
A1  0 WAYNE OLIVER-SANDY HOOK, CT              96
A2  0 WILLIAM E BROGDEN-NEWINGTON, CT          96
A3  0 THOMAS J SCHUMAKER-FAIRFIELD, CT         97
B1  1 TRACY W GRIFFIN-LEE, MA                  97
B2  0 LUIGI AGIANSIRACUSA-HARTFORD, CT         97
C1  1 BEN C KAPLAN-W HARTFORD, CT              93
C2  0 JAMES L LINDQUIST-BLOOMFIELD, CT         95
D1  0 EDWARD E BUCKEN-GRANBY, CT               84
D2  0 MICHAEL JR LONGO-ROCKY HILL, CT          83
E1  0 IAN BROWER-BROOKFIELD CTR, CT            81
E2  0 J A BROGDEN-NEWINGTON, CT                83
20 GAUGE - 100 TARGETS - 36 ENTRIES
CH AA  1 E J CAMPBELL-FAIRFIELD, CT            97
AA1  0 RONALD KOVALSKY-NORWALK, CT             96
CALIFORNIA
ARKANSAS
COLORADO
CONNECTICUT
AUGUST 1980	39
